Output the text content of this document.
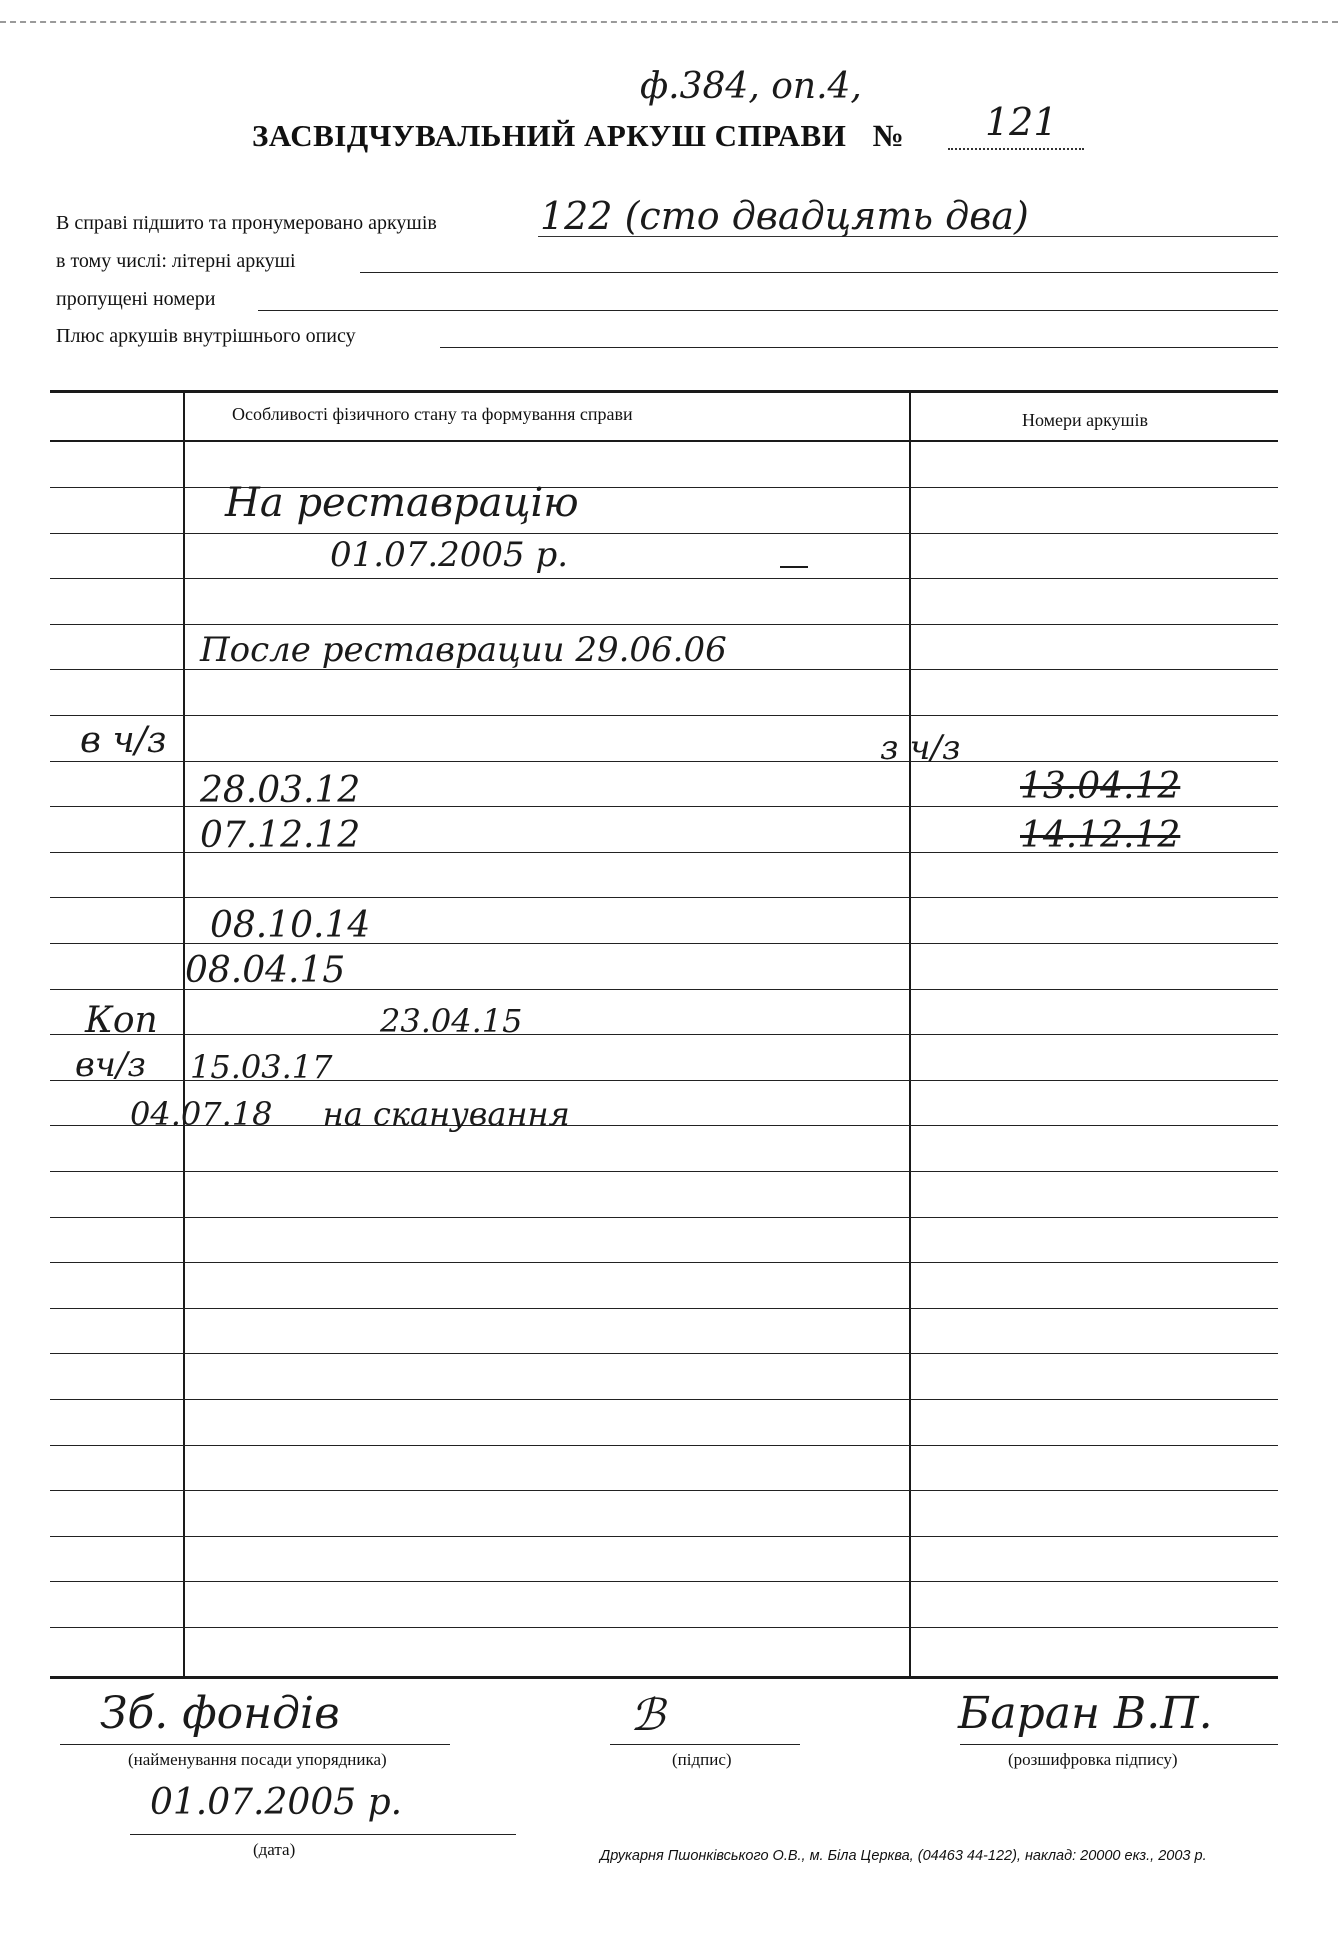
ф.384, оп.4,
ЗАСВІДЧУВАЛЬНИЙ АРКУШ СПРАВИ № 121
В справі підшито та пронумеровано аркушів	122 (сто двадцять два)
в тому числі: літерні аркуші
пропущені номери
Плюс аркушів внутрішнього опису
Особливості фізичного стану та формування справи	Номери аркушів
На реставрацію
01.07.2005 р.
После реставрации 29.06.06
в ч/з	з ч/з
28.03.12	13.04.12
07.12.12	14.12.12
08.10.14
08.04.15
Коп	23.04.15
вч/з 15.03.17
04.07.18 на сканування
Зб. фондів
(найменування посади упорядника)
ℬ
(підпис)
Баран В.П.
(розшифровка підпису)
01.07.2005 р.
(дата)	Друкарня Пшонківського О.В., м. Біла Церква, (04463 44-122), наклад: 20000 екз., 2003 р.
